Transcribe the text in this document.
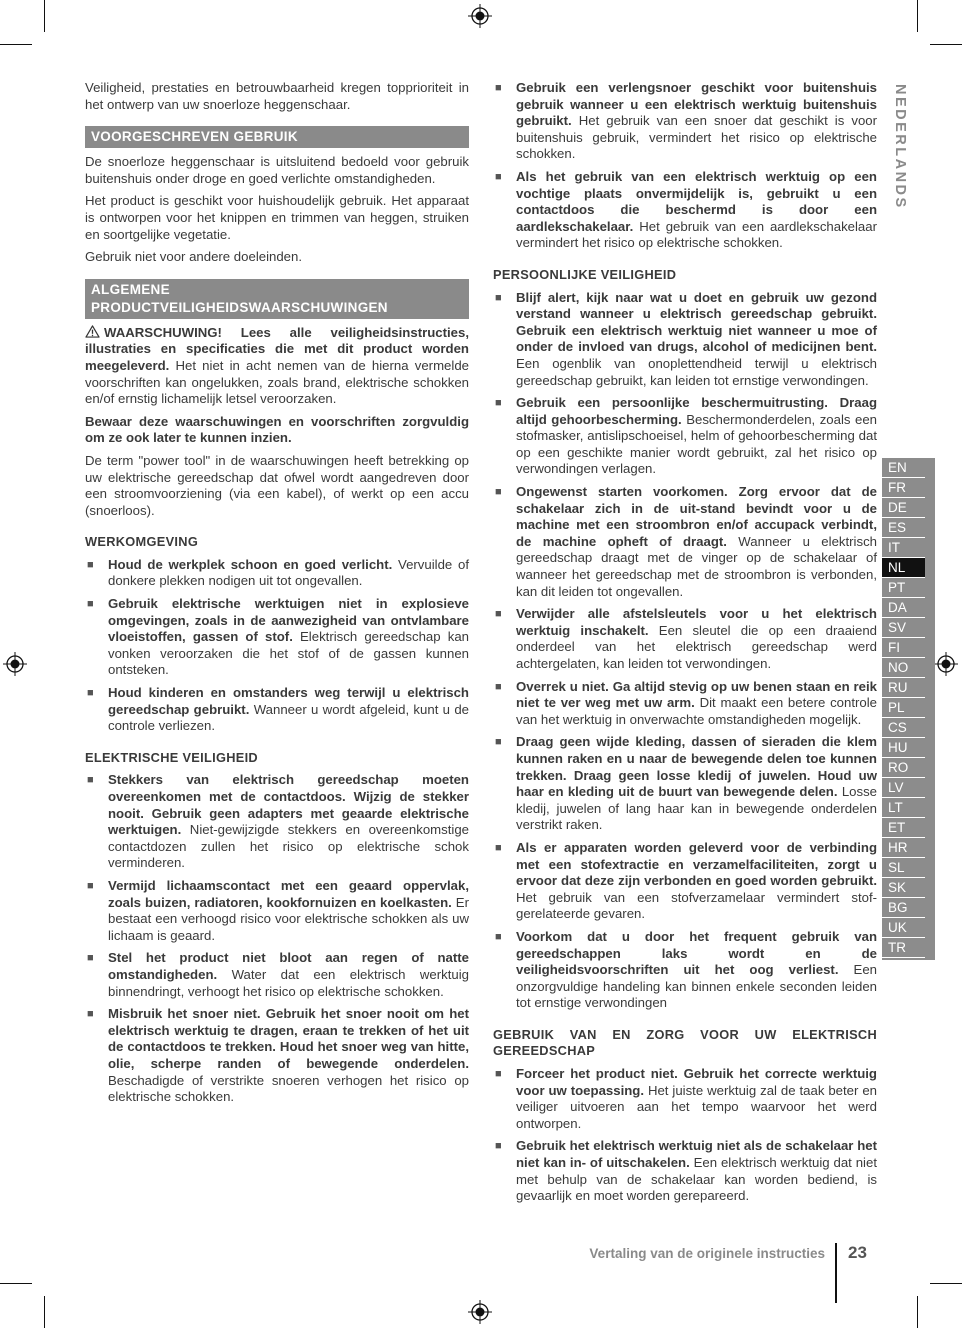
NEDERLANDS

Veiligheid, prestaties en betrouwbaarheid kregen topprioriteit in het ontwerp van uw snoerloze heggenschaar.

VOORGESCHREVEN GEBRUIK

De snoerloze heggenschaar is uitsluitend bedoeld voor gebruik buitenshuis onder droge en goed verlichte omstandigheden.

Het product is geschikt voor huishoudelijk gebruik. Het apparaat is ontworpen voor het knippen en trimmen van heggen, struiken en soortgelijke vegetatie.

Gebruik niet voor andere doeleinden.

ALGEMENE
PRODUCTVEILIGHEIDSWAARSCHUWINGEN

WAARSCHUWING! Lees alle veiligheidsinstructies, illustraties en specificaties die met dit product worden meegeleverd. Het niet in acht nemen van de hierna vermelde voorschriften kan ongelukken, zoals brand, elektrische schokken en/of ernstig lichamelijk letsel veroorzaken.

Bewaar deze waarschuwingen en voorschriften zorgvuldig om ze ook later te kunnen inzien.

De term "power tool" in de waarschuwingen heeft betrekking op uw elektrische gereedschap dat ofwel wordt aangedreven door een stroomvoorziening (via een kabel), of werkt op een accu (snoerloos).

WERKOMGEVING
■ Houd de werkplek schoon en goed verlicht. Vervuilde of donkere plekken nodigen uit tot ongevallen.
■ Gebruik elektrische werktuigen niet in explosieve omgevingen, zoals in de aanwezigheid van ontvlambare vloeistoffen, gassen of stof. Elektrisch gereedschap kan vonken veroorzaken die het stof of de gassen kunnen ontsteken.
■ Houd kinderen en omstanders weg terwijl u elektrisch gereedschap gebruikt. Wanneer u wordt afgeleid, kunt u de controle verliezen.
ELEKTRISCHE VEILIGHEID
■ Stekkers van elektrisch gereedschap moeten overeenkomen met de contactdoos. Wijzig de stekker nooit. Gebruik geen adapters met geaarde elektrische werktuigen. Niet-gewijzigde stekkers en overeenkomstige contactdozen zullen het risico op elektrische schok verminderen.
■ Vermijd lichaamscontact met een geaard oppervlak, zoals buizen, radiatoren, kookfornuizen en koelkasten. Er bestaat een verhoogd risico voor elektrische schokken als uw lichaam is geaard.
■ Stel het product niet bloot aan regen of natte omstandigheden. Water dat een elektrisch werktuig binnendringt, verhoogt het risico op elektrische schokken.
■ Misbruik het snoer niet. Gebruik het snoer nooit om het elektrisch werktuig te dragen, eraan te trekken of het uit de contactdoos te trekken. Houd het snoer weg van hitte, olie, scherpe randen of bewegende onderdelen. Beschadigde of verstrikte snoeren verhogen het risico op elektrische schokken.
■ Gebruik een verlengsnoer geschikt voor buitenshuis gebruik wanneer u een elektrisch werktuig buitenshuis gebruikt. Het gebruik van een snoer dat geschikt is voor buitenshuis gebruik, vermindert het risico op elektrische schokken.
■ Als het gebruik van een elektrisch werktuig op een vochtige plaats onvermijdelijk is, gebruikt u een contactdoos die beschermd is door een aardlekschakelaar. Het gebruik van een aardlekschakelaar vermindert het risico op elektrische schokken.
PERSOONLIJKE VEILIGHEID
■ Blijf alert, kijk naar wat u doet en gebruik uw gezond verstand wanneer u elektrisch gereedschap gebruikt. Gebruik een elektrisch werktuig niet wanneer u moe of onder de invloed van drugs, alcohol of medicijnen bent. Een ogenblik van onoplettendheid terwijl u elektrisch gereedschap gebruikt, kan leiden tot ernstige verwondingen.
■ Gebruik een persoonlijke beschermuitrusting. Draag altijd gehoorbescherming. Beschermonderdelen, zoals een stofmasker, antislipschoeisel, helm of gehoorbescherming dat op een geschikte manier wordt gebruikt, zal het risico op verwondingen verlagen.
■ Ongewenst starten voorkomen. Zorg ervoor dat de schakelaar zich in de uit-stand bevindt voor u de machine met een stroombron en/of accupack verbindt, de machine opheft of draagt. Wanneer u elektrisch gereedschap draagt met de vinger op de schakelaar of wanneer het gereedschap met de stroombron is verbonden, kan dit leiden tot ongevallen.
■ Verwijder alle afstelsleutels voor u het elektrisch werktuig inschakelt. Een sleutel die op een draaiend onderdeel van het elektrisch gereedschap werd achtergelaten, kan leiden tot verwondingen.
■ Overrek u niet. Ga altijd stevig op uw benen staan en reik niet te ver weg met uw arm. Dit maakt een betere controle van het werktuig in onverwachte omstandigheden mogelijk.
■ Draag geen wijde kleding, dassen of sieraden die klem kunnen raken en u naar de bewegende delen toe kunnen trekken. Draag geen losse kledij of juwelen. Houd uw haar en kleding uit de buurt van bewegende delen. Losse kledij, juwelen of lang haar kan in bewegende onderdelen verstrikt raken.
■ Als er apparaten worden geleverd voor de verbinding met een stofextractie en verzamelfaciliteiten, zorgt u ervoor dat deze zijn verbonden en goed worden gebruikt. Het gebruik van een stofverzamelaar vermindert stof-gerelateerde gevaren.
■ Voorkom dat u door het frequent gebruik van gereedschappen laks wordt en de veiligheidsvoorschriften uit het oog verliest. Een onzorgvuldige handeling kan binnen enkele seconden leiden tot ernstige verwondingen
GEBRUIK VAN EN ZORG VOOR UW ELEKTRISCH GEREEDSCHAP
■ Forceer het product niet. Gebruik het correcte werktuig voor uw toepassing. Het juiste werktuig zal de taak beter en veiliger uitvoeren aan het tempo waarvoor het werd ontworpen.
■ Gebruik het elektrisch werktuig niet als de schakelaar het niet kan in- of uitschakelen. Een elektrisch werktuig dat niet met behulp van de schakelaar kan worden bediend, is gevaarlijk en moet worden gerepareerd.
EN
FR
DE
ES
IT
NL
PT
DA
SV
FI
NO
RU
PL
CS
HU
RO
LV
LT
ET
HR
SL
SK
BG
UK
TR
Vertaling van de originele instructies 23
